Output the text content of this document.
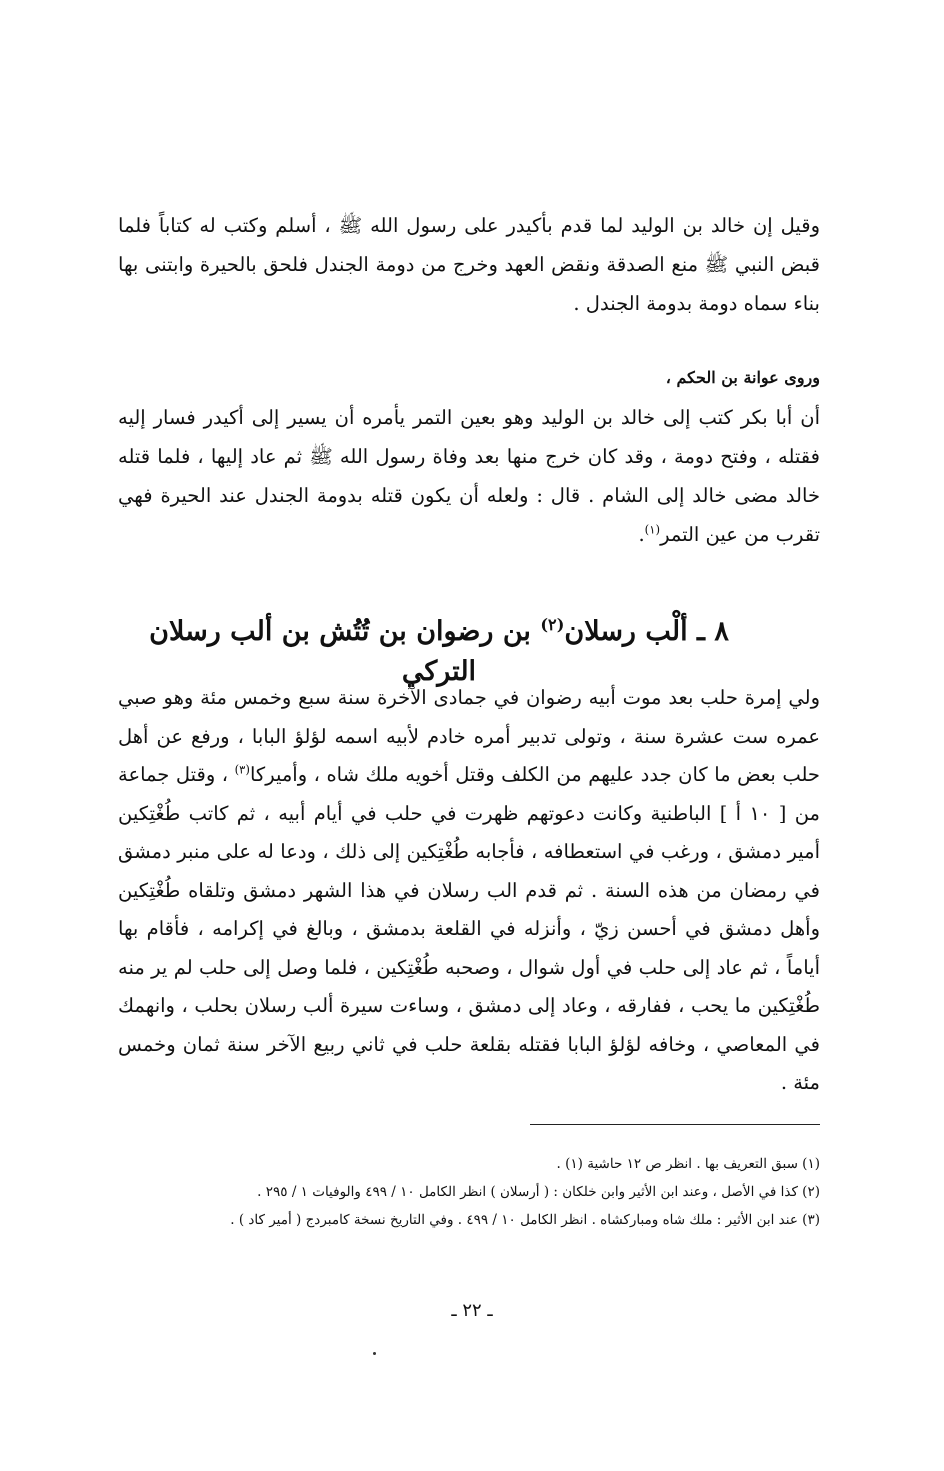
وقيل إن خالد بن الوليد لما قدم بأكيدر على رسول الله ﷺ ، أسلم وكتب له كتاباً فلما قبض النبي ﷺ منع الصدقة ونقض العهد وخرج من دومة الجندل فلحق بالحيرة وابتنى بها بناء سماه دومة بدومة الجندل .

وروى عوانة بن الحكم ،

أن أبا بكر كتب إلى خالد بن الوليد وهو بعين التمر يأمره أن يسير إلى أكيدر فسار إليه فقتله ، وفتح دومة ، وقد كان خرج منها بعد وفاة رسول الله ﷺ ثم عاد إليها ، فلما قتله خالد مضى خالد إلى الشام . قال : ولعله أن يكون قتله بدومة الجندل عند الحيرة فهي تقرب من عين التمر$^{(١)}$.

٨ ـ ألْب رسلان$^{(٢)}$ بن رضوان بن تُتُش بن ألب رسلان التركي

ولي إمرة حلب بعد موت أبيه رضوان في جمادى الآخرة سنة سبع وخمس مئة وهو صبي عمره ست عشرة سنة ، وتولى تدبير أمره خادم لأبيه اسمه لؤلؤ البابا ، ورفع عن أهل حلب بعض ما كان جدد عليهم من الكلف وقتل أخويه ملك شاه ، وأميركا$^{(٣)}$ ، وقتل جماعة من [ ١٠ أ ] الباطنية وكانت دعوتهم ظهرت في حلب في أيام أبيه ، ثم كاتب طُغْتِكين أمير دمشق ، ورغب في استعطافه ، فأجابه طُغْتِكين إلى ذلك ، ودعا له على منبر دمشق في رمضان من هذه السنة . ثم قدم الب رسلان في هذا الشهر دمشق وتلقاه طُغْتِكين وأهل دمشق في أحسن زيّ ، وأنزله في القلعة بدمشق ، وبالغ في إكرامه ، فأقام بها أياماً ، ثم عاد إلى حلب في أول شوال ، وصحبه طُغْتِكين ، فلما وصل إلى حلب لم ير منه طُغْتِكين ما يحب ، ففارقه ، وعاد إلى دمشق ، وساءت سيرة ألب رسلان بحلب ، وانهمك في المعاصي ، وخافه لؤلؤ البابا فقتله بقلعة حلب في ثاني ربيع الآخر سنة ثمان وخمس مئة .

(١) سبق التعريف بها . انظر ص ١٢ حاشية (١) .
(٢) كذا في الأصل ، وعند ابن الأثير وابن خلكان : ( أرسلان ) انظر الكامل ١٠ / ٤٩٩ والوفيات ١ / ٢٩٥ .
(٣) عند ابن الأثير : ملك شاه ومباركشاه . انظر الكامل ١٠ / ٤٩٩ . وفي التاريخ نسخة كامبردج ( أمير كاد ) .
ـ ٢٢ ـ
